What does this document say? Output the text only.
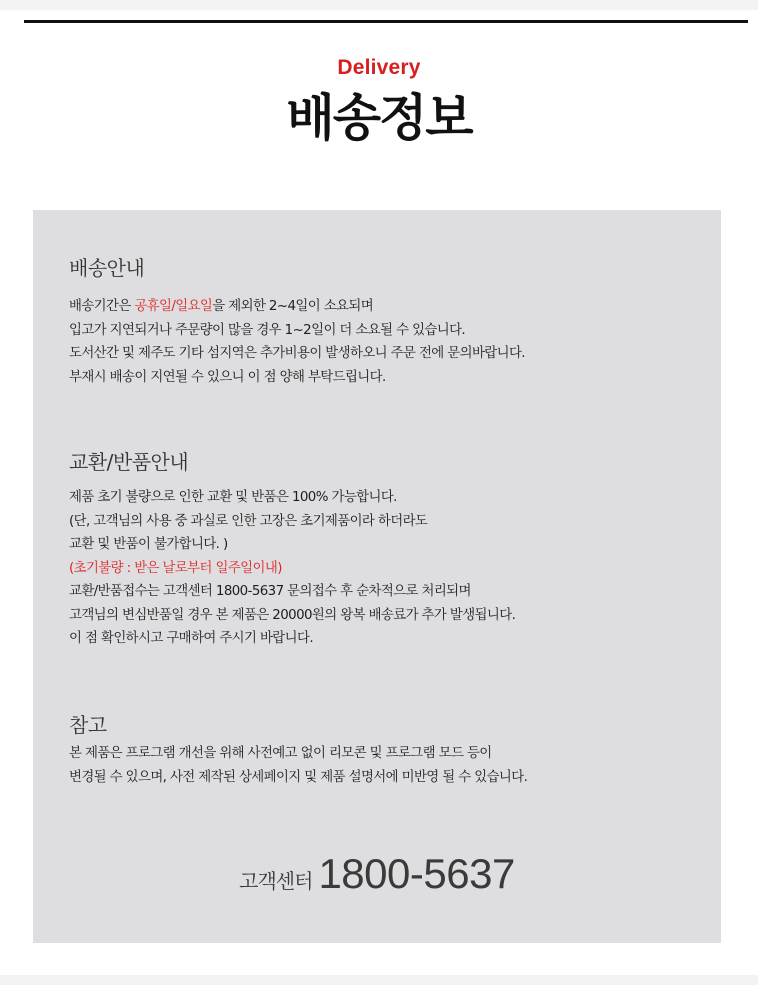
Delivery
배송정보
배송안내
배송기간은 공휴일/일요일을 제외한 2~4일이 소요되며
입고가 지연되거나 주문량이 많을 경우 1~2일이 더 소요될 수 있습니다.
도서산간 및 제주도 기타 섬지역은 추가비용이 발생하오니 주문 전에 문의바랍니다.
부재시 배송이 지연될 수 있으니 이 점 양해 부탁드립니다.
교환/반품안내
제품 초기 불량으로 인한 교환 및 반품은 100% 가능합니다.
(단, 고객님의 사용 중 과실로 인한 고장은 초기제품이라 하더라도
교환 및 반품이 불가합니다. )
(초기불량 : 받은 날로부터 일주일이내)
교환/반품접수는 고객센터 1800-5637 문의접수 후 순차적으로 처리되며
고객님의 변심반품일 경우 본 제품은 20000원의 왕복 배송료가 추가 발생됩니다.
이 점 확인하시고 구매하여 주시기 바랍니다.
참고
본 제품은 프로그램 개선을 위해 사전예고 없이 리모콘 및 프로그램 모드 등이
변경될 수 있으며, 사전 제작된 상세페이지 및 제품 설명서에 미반영 될 수 있습니다.
고객센터 1800-5637
